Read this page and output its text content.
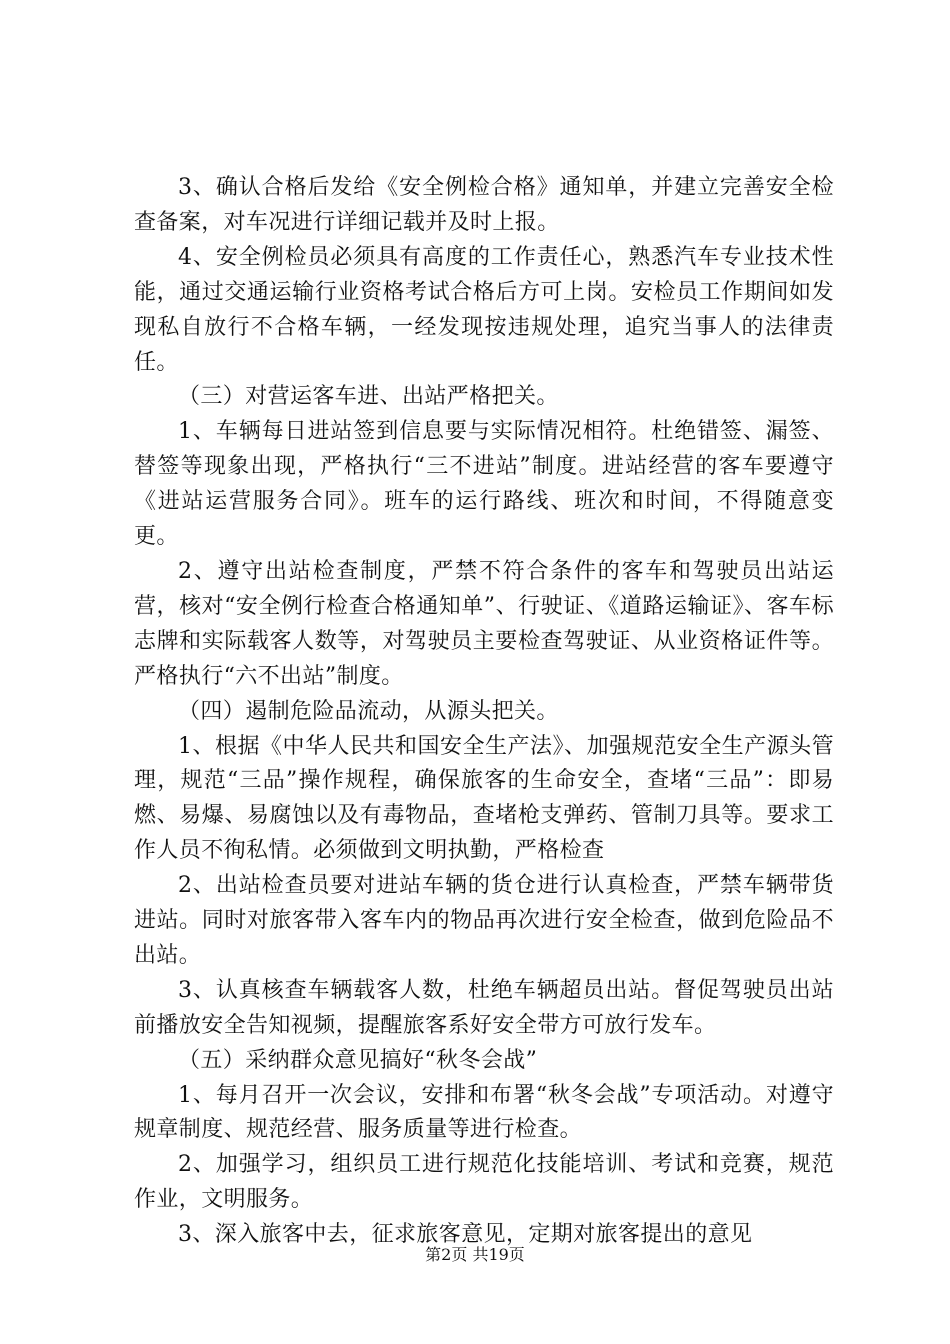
3、确认合格后发给《安全例检合格》通知单，并建立完善安全检查备案，对车况进行详细记载并及时上报。

4、安全例检员必须具有高度的工作责任心，熟悉汽车专业技术性能，通过交通运输行业资格考试合格后方可上岗。安检员工作期间如发现私自放行不合格车辆，一经发现按违规处理，追究当事人的法律责任。

（三）对营运客车进、出站严格把关。

1、车辆每日进站签到信息要与实际情况相符。杜绝错签、漏签、替签等现象出现，严格执行“三不进站”制度。进站经营的客车要遵守《进站运营服务合同》。班车的运行路线、班次和时间，不得随意变更。

2、遵守出站检查制度，严禁不符合条件的客车和驾驶员出站运营，核对“安全例行检查合格通知单”、行驶证、《道路运输证》、客车标志牌和实际载客人数等，对驾驶员主要检查驾驶证、从业资格证件等。严格执行“六不出站”制度。

（四）遏制危险品流动，从源头把关。

1、根据《中华人民共和国安全生产法》、加强规范安全生产源头管理，规范“三品”操作规程，确保旅客的生命安全，查堵“三品”：即易燃、易爆、易腐蚀以及有毒物品，查堵枪支弹药、管制刀具等。要求工作人员不徇私情。必须做到文明执勤，严格检查

2、出站检查员要对进站车辆的货仓进行认真检查，严禁车辆带货进站。同时对旅客带入客车内的物品再次进行安全检查，做到危险品不出站。

3、认真核查车辆载客人数，杜绝车辆超员出站。督促驾驶员出站前播放安全告知视频，提醒旅客系好安全带方可放行发车。

（五）采纳群众意见搞好“秋冬会战”

1、每月召开一次会议，安排和布署“秋冬会战”专项活动。对遵守规章制度、规范经营、服务质量等进行检查。

2、加强学习，组织员工进行规范化技能培训、考试和竞赛，规范作业，文明服务。

3、深入旅客中去，征求旅客意见，定期对旅客提出的意见

第2页 共19页
